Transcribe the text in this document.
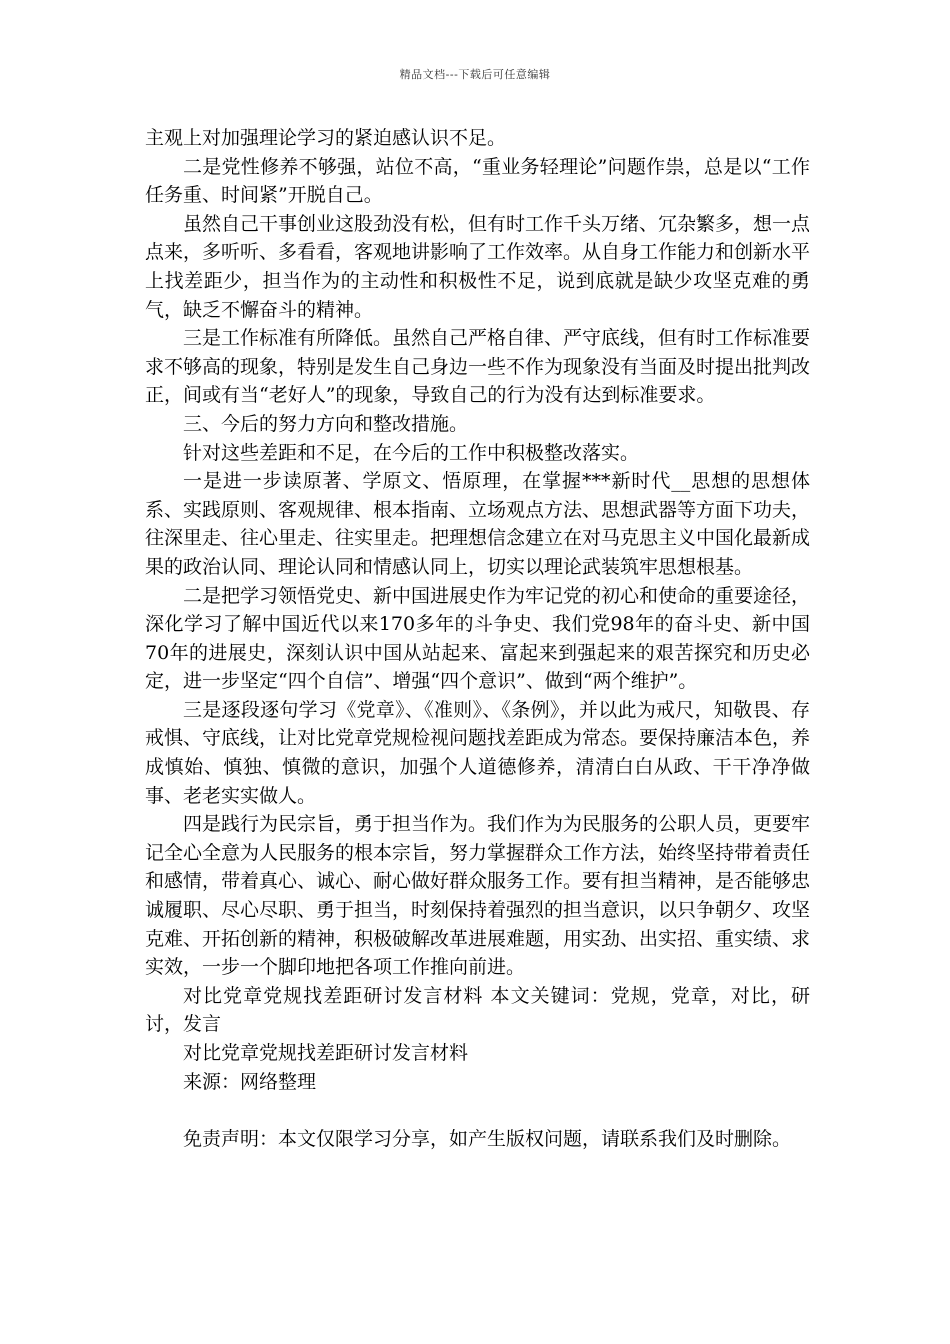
精品文档---下载后可任意编辑

主观上对加强理论学习的紧迫感认识不足。

二是党性修养不够强，站位不高，“重业务轻理论”问题作祟，总是以“工作任务重、时间紧”开脱自己。

虽然自己干事创业这股劲没有松，但有时工作千头万绪、冗杂繁多，想一点点来，多听听、多看看，客观地讲影响了工作效率。从自身工作能力和创新水平上找差距少，担当作为的主动性和积极性不足，说到底就是缺少攻坚克难的勇气，缺乏不懈奋斗的精神。

三是工作标准有所降低。虽然自己严格自律、严守底线，但有时工作标准要求不够高的现象，特别是发生自己身边一些不作为现象没有当面及时提出批判改正，间或有当“老好人”的现象，导致自己的行为没有达到标准要求。

三、今后的努力方向和整改措施。

针对这些差距和不足，在今后的工作中积极整改落实。

一是进一步读原著、学原文、悟原理，在掌握***新时代__思想的思想体系、实践原则、客观规律、根本指南、立场观点方法、思想武器等方面下功夫，往深里走、往心里走、往实里走。把理想信念建立在对马克思主义中国化最新成果的政治认同、理论认同和情感认同上，切实以理论武装筑牢思想根基。

二是把学习领悟党史、新中国进展史作为牢记党的初心和使命的重要途径，深化学习了解中国近代以来170多年的斗争史、我们党98年的奋斗史、新中国70年的进展史，深刻认识中国从站起来、富起来到强起来的艰苦探究和历史必定，进一步坚定“四个自信”、增强“四个意识”、做到“两个维护”。

三是逐段逐句学习《党章》、《准则》、《条例》，并以此为戒尺，知敬畏、存戒惧、守底线，让对比党章党规检视问题找差距成为常态。要保持廉洁本色，养成慎始、慎独、慎微的意识，加强个人道德修养，清清白白从政、干干净净做事、老老实实做人。

四是践行为民宗旨，勇于担当作为。我们作为为民服务的公职人员，更要牢记全心全意为人民服务的根本宗旨，努力掌握群众工作方法，始终坚持带着责任和感情，带着真心、诚心、耐心做好群众服务工作。要有担当精神，是否能够忠诚履职、尽心尽职、勇于担当，时刻保持着强烈的担当意识，以只争朝夕、攻坚克难、开拓创新的精神，积极破解改革进展难题，用实劲、出实招、重实绩、求实效，一步一个脚印地把各项工作推向前进。

对比党章党规找差距研讨发言材料 本文关键词：党规，党章，对比，研讨，发言

对比党章党规找差距研讨发言材料

来源：网络整理

免责声明：本文仅限学习分享，如产生版权问题，请联系我们及时删除。
